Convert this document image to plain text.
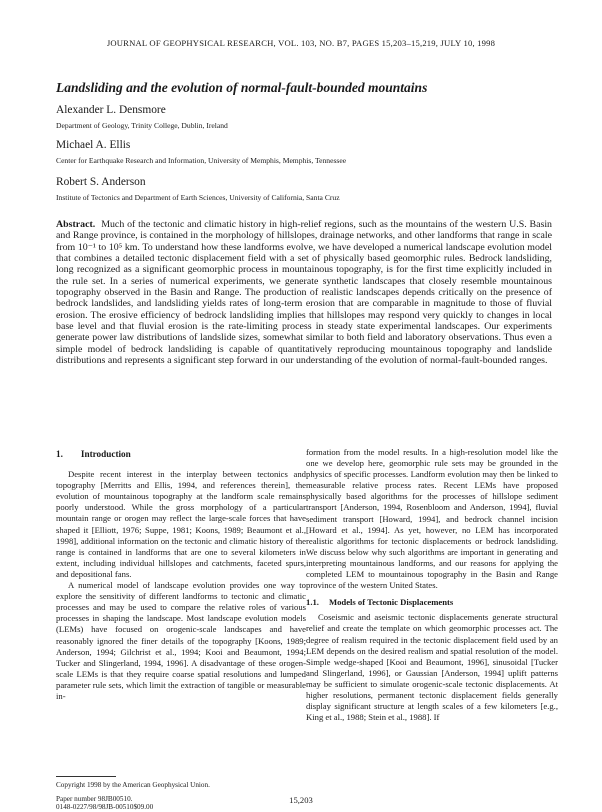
JOURNAL OF GEOPHYSICAL RESEARCH, VOL. 103, NO. B7, PAGES 15,203–15,219, JULY 10, 1998
Landsliding and the evolution of normal-fault-bounded mountains
Alexander L. Densmore
Department of Geology, Trinity College, Dublin, Ireland
Michael A. Ellis
Center for Earthquake Research and Information, University of Memphis, Memphis, Tennessee
Robert S. Anderson
Institute of Tectonics and Department of Earth Sciences, University of California, Santa Cruz
Abstract. Much of the tectonic and climatic history in high-relief regions, such as the mountains of the western U.S. Basin and Range province, is contained in the morphology of hillslopes, drainage networks, and other landforms that range in scale from 10⁻¹ to 10⁵ km. To understand how these landforms evolve, we have developed a numerical landscape evolution model that combines a detailed tectonic displacement field with a set of physically based geomorphic rules. Bedrock landsliding, long recognized as a significant geomorphic process in mountainous topography, is for the first time explicitly included in the rule set. In a series of numerical experiments, we generate synthetic landscapes that closely resemble mountainous topography observed in the Basin and Range. The production of realistic landscapes depends critically on the presence of bedrock landslides, and landsliding yields rates of long-term erosion that are comparable in magnitude to those of fluvial erosion. The erosive efficiency of bedrock landsliding implies that hillslopes may respond very quickly to changes in local base level and that fluvial erosion is the rate-limiting process in steady state experimental landscapes. Our experiments generate power law distributions of landslide sizes, somewhat similar to both field and laboratory observations. Thus even a simple model of bedrock landsliding is capable of quantitatively reproducing mountainous topography and landslide distributions and represents a significant step forward in our understanding of the evolution of normal-fault-bounded ranges.
1. Introduction

Despite recent interest in the interplay between tectonics and topography [Merritts and Ellis, 1994, and references therein], the evolution of mountainous topography at the landform scale remains poorly understood. While the gross morphology of a particular mountain range or orogen may reflect the large-scale forces that have shaped it [Elliott, 1976; Suppe, 1981; Koons, 1989; Beaumont et al., 1998], additional information on the tectonic and climatic history of the range is contained in landforms that are one to several kilometers in extent, including individual hillslopes and catchments, faceted spurs, and depositional fans.

A numerical model of landscape evolution provides one way to explore the sensitivity of different landforms to tectonic and climatic processes and may be used to compare the relative roles of various processes in shaping the landscape. Most landscape evolution models (LEMs) have focused on orogenic-scale landscapes and have reasonably ignored the finer details of the topography [Koons, 1989; Anderson, 1994; Gilchrist et al., 1994; Kooi and Beaumont, 1994; Tucker and Slingerland, 1994, 1996]. A disadvantage of these orogen-scale LEMs is that they require coarse spatial resolutions and lumped parameter rule sets, which limit the extraction of tangible or measurable in-

Copyright 1998 by the American Geophysical Union.
Paper number 98JB00510.
0148-0227/98/98JB-00510$09.00

formation from the model results. In a high-resolution model like the one we develop here, geomorphic rule sets may be grounded in the physics of specific processes. Landform evolution may then be linked to measurable relative process rates. Recent LEMs have proposed physically based algorithms for the processes of hillslope sediment transport [Anderson, 1994, Rosenbloom and Anderson, 1994], fluvial sediment transport [Howard, 1994], and bedrock channel incision [Howard et al., 1994]. As yet, however, no LEM has incorporated realistic algorithms for tectonic displacements or bedrock landsliding. We discuss below why such algorithms are important in generating and interpreting mountainous landforms, and our reasons for applying the completed LEM to mountainous topography in the Basin and Range province of the western United States.

1.1. Models of Tectonic Displacements

Coseismic and aseismic tectonic displacements generate structural relief and create the template on which geomorphic processes act. The degree of realism required in the tectonic displacement field used by an LEM depends on the desired realism and spatial resolution of the model. Simple wedge-shaped [Kooi and Beaumont, 1996], sinusoidal [Tucker and Slingerland, 1996], or Gaussian [Anderson, 1994] uplift patterns may be sufficient to simulate orogenic-scale tectonic displacements. At higher resolutions, permanent tectonic displacement fields generally display significant structure at length scales of a few kilometers [e.g., King et al., 1988; Stein et al., 1988]. If

15,203
